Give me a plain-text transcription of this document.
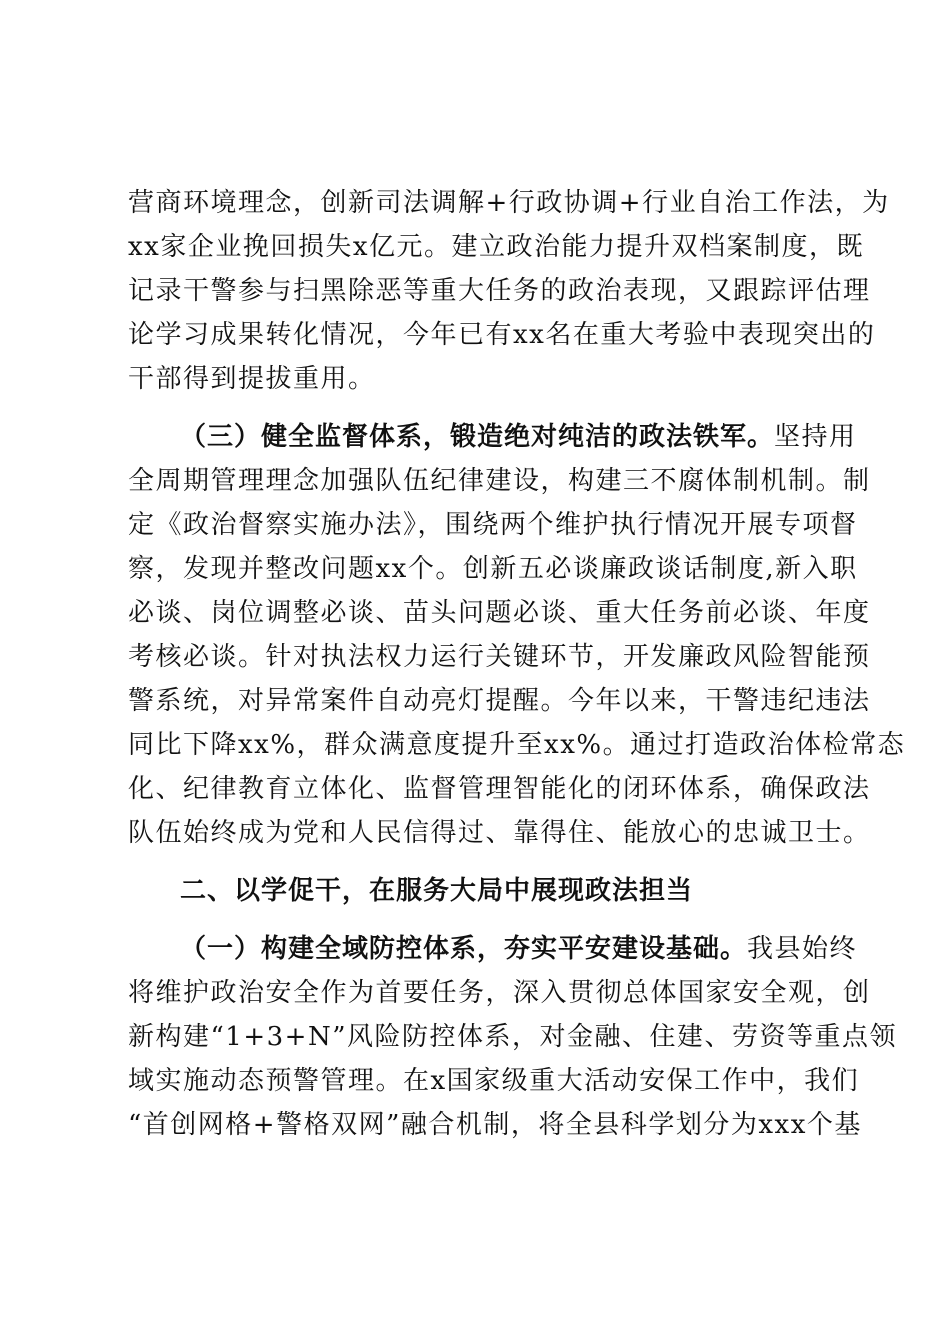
营商环境理念，创新司法调解+行政协调+行业自治工作法，为
xx家企业挽回损失x亿元。建立政治能力提升双档案制度，既
记录干警参与扫黑除恶等重大任务的政治表现，又跟踪评估理
论学习成果转化情况，今年已有xx名在重大考验中表现突出的
干部得到提拔重用。
（三）健全监督体系，锻造绝对纯洁的政法铁军。坚持用
全周期管理理念加强队伍纪律建设，构建三不腐体制机制。制
定《政治督察实施办法》，围绕两个维护执行情况开展专项督
察，发现并整改问题xx个。创新五必谈廉政谈话制度,新入职
必谈、岗位调整必谈、苗头问题必谈、重大任务前必谈、年度
考核必谈。针对执法权力运行关键环节，开发廉政风险智能预
警系统，对异常案件自动亮灯提醒。今年以来，干警违纪违法
同比下降xx%，群众满意度提升至xx%。通过打造政治体检常态
化、纪律教育立体化、监督管理智能化的闭环体系，确保政法
队伍始终成为党和人民信得过、靠得住、能放心的忠诚卫士。
二、以学促干，在服务大局中展现政法担当
（一）构建全域防控体系，夯实平安建设基础。我县始终
将维护政治安全作为首要任务，深入贯彻总体国家安全观，创
新构建“1+3+N”风险防控体系，对金融、住建、劳资等重点领
域实施动态预警管理。在x国家级重大活动安保工作中，我们
“首创网格+警格双网”融合机制，将全县科学划分为xxx个基
